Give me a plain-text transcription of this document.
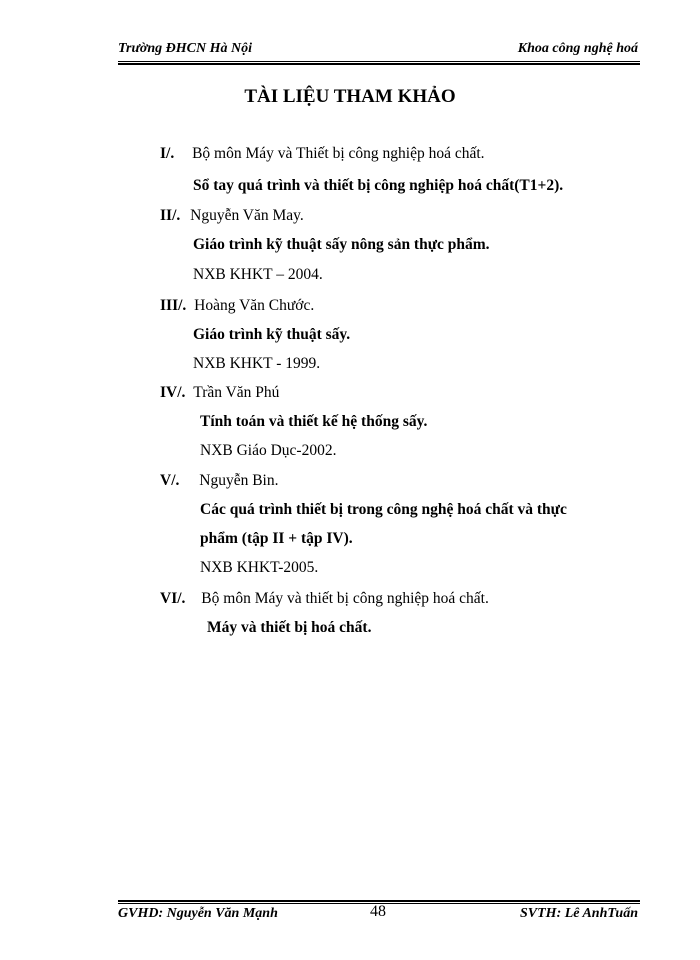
Trường ĐHCN Hà Nội	Khoa công nghệ hoá
TÀI LIỆU THAM KHẢO
I/. Bộ môn Máy và Thiết bị công nghiệp hoá chất.
Sổ tay quá trình và thiết bị công nghiệp hoá chất(T1+2).
II/. Nguyễn Văn May.
Giáo trình kỹ thuật sấy nông sản thực phẩm.
NXB KHKT – 2004.
III/. Hoàng Văn Chước.
Giáo trình kỹ thuật sấy.
NXB KHKT - 1999.
IV/. Trần Văn Phú
Tính toán và thiết kế hệ thống sấy.
NXB Giáo Dục-2002.
V/. Nguyễn Bin.
Các quá trình thiết bị trong công nghệ hoá chất và thực
phẩm (tập II + tập IV).
NXB KHKT-2005.
VI/. Bộ môn Máy và thiết bị công nghiệp hoá chất.
Máy và thiết bị hoá chất.
GVHD: Nguyễn Văn Mạnh	48	SVTH: Lê AnhTuấn
